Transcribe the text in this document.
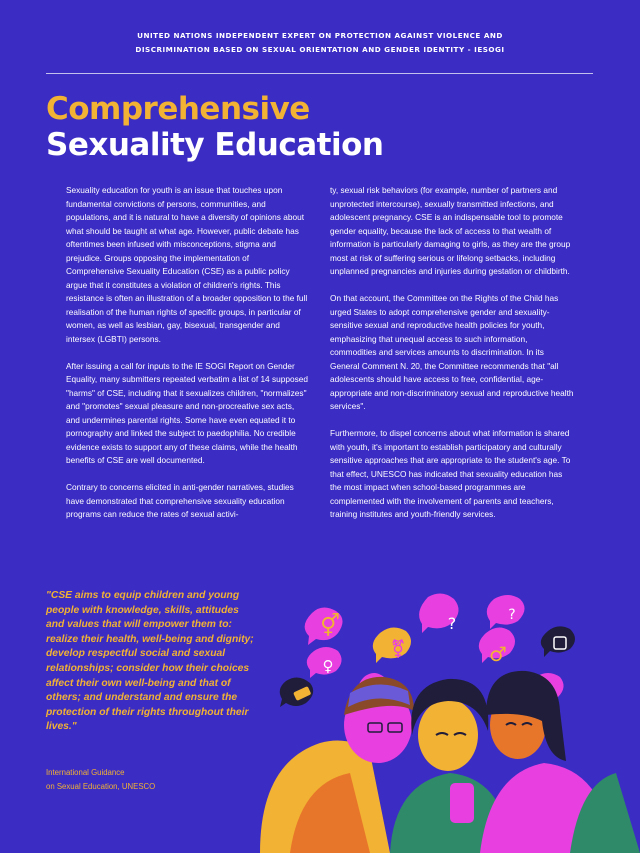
UNITED NATIONS INDEPENDENT EXPERT ON PROTECTION AGAINST VIOLENCE AND
DISCRIMINATION BASED ON SEXUAL ORIENTATION AND GENDER IDENTITY - IESOGI
Comprehensive
Sexuality Education

Sexuality education for youth is an issue that touches upon fundamental convictions of persons, communities, and populations, and it is natural to have a diversity of opinions about what should be taught at what age. However, public debate has oftentimes been infused with misconceptions, stigma and prejudice. Groups opposing the implementation of Comprehensive Sexuality Education (CSE) as a public policy argue that it constitutes a violation of children's rights. This resistance is often an illustration of a broader opposition to the full realisation of the human rights of specific groups, in particular of women, as well as lesbian, gay, bisexual, transgender and intersex (LGBTI) persons.

After issuing a call for inputs to the IE SOGI Report on Gender Equality, many submitters repeated verbatim a list of 14 supposed "harms" of CSE, including that it sexualizes children, "normalizes" and "promotes" sexual pleasure and non-procreative sex acts, and undermines parental rights. Some have even equated it to pornography and linked the subject to paedophilia. No credible evidence exists to support any of these claims, while the health benefits of CSE are well documented.

Contrary to concerns elicited in anti-gender narratives, studies have demonstrated that comprehensive sexuality education programs can reduce the rates of sexual activi-

ty, sexual risk behaviors (for example, number of partners and unprotected intercourse), sexually transmitted infections, and adolescent pregnancy. CSE is an indispensable tool to promote gender equality, because the lack of access to that wealth of information is particularly damaging to girls, as they are the group most at risk of suffering serious or lifelong setbacks, including unplanned pregnancies and injuries during gestation or childbirth.

On that account, the Committee on the Rights of the Child has urged States to adopt comprehensive gender and sexuality-sensitive sexual and reproductive health policies for youth, emphasizing that unequal access to such information, commodities and services amounts to discrimination. In its General Comment N. 20, the Committee recommends that "all adolescents should have access to free, confidential, age-appropriate and non-discriminatory sexual and reproductive health services".

Furthermore, to dispel concerns about what information is shared with youth, it's important to establish participatory and culturally sensitive approaches that are appropriate to the student's age. To that effect, UNESCO has indicated that sexuality education has the most impact when school-based programmes are complemented with the involvement of parents and teachers, training institutes and youth-friendly services.

"CSE aims to equip children and young people with knowledge, skills, attitudes and values that will empower them to: realize their health, well-being and dignity; develop respectful social and sexual relationships; consider how their choices affect their own well-being and that of others; and understand and ensure the protection of their rights throughout their lives."
International Guidance
on Sexual Education, UNESCO
⚥	?
⚧	♂
?
♀
